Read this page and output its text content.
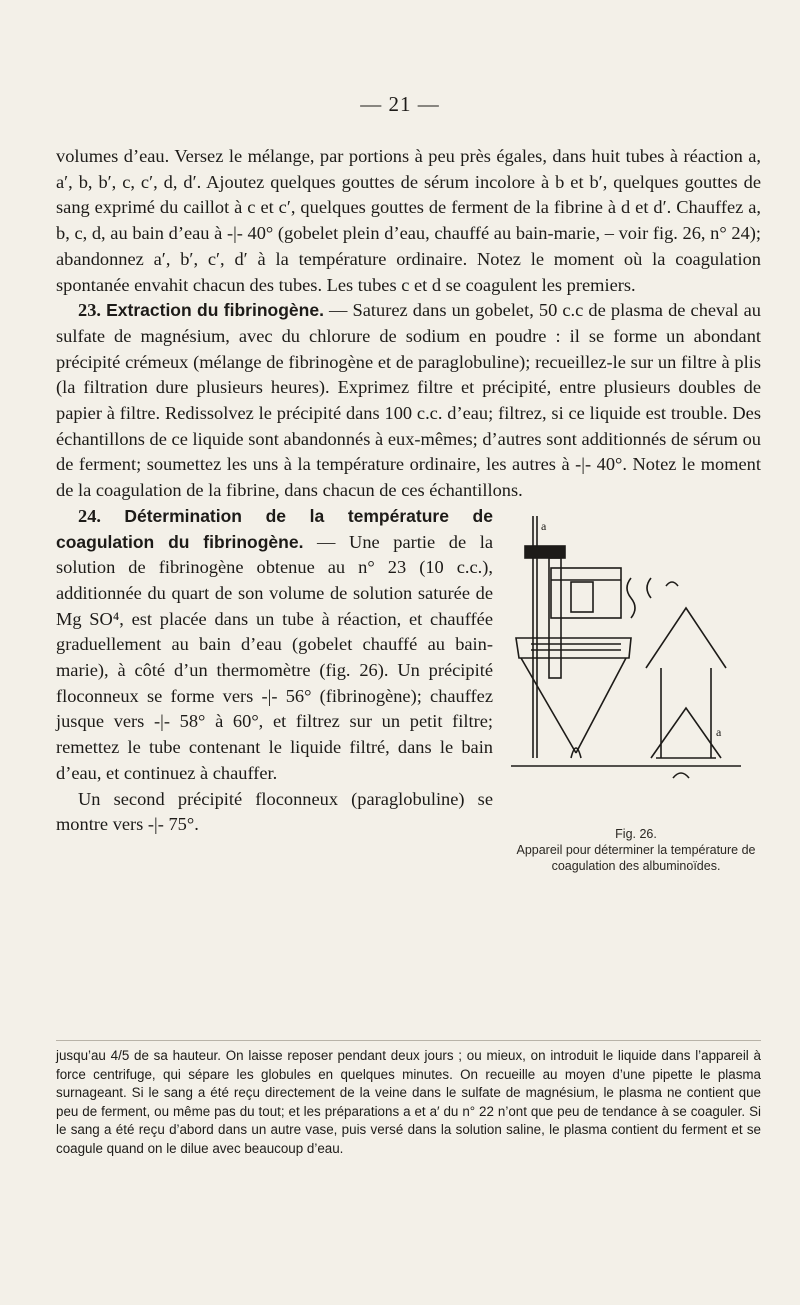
— 21 —

volumes d’eau. Versez le mélange, par portions à peu près égales, dans huit tubes à réaction a, a′, b, b′, c, c′, d, d′. Ajoutez quelques gouttes de sérum incolore à b et b′, quelques gouttes de sang exprimé du caillot à c et c′, quelques gouttes de ferment de la fibrine à d et d′. Chauffez a, b, c, d, au bain d’eau à -|- 40° (gobelet plein d’eau, chauffé au bain-marie, – voir fig. 26, n° 24); abandonnez a′, b′, c′, d′ à la température ordinaire. Notez le moment où la coagulation spontanée envahit chacun des tubes. Les tubes c et d se coagulent les premiers.

23. Extraction du fibrinogène. — Saturez dans un gobelet, 50 c.c de plasma de cheval au sulfate de magnésium, avec du chlorure de sodium en poudre : il se forme un abondant précipité crémeux (mélange de fibrinogène et de paraglobuline); recueillez-le sur un filtre à plis (la filtration dure plusieurs heures). Exprimez filtre et précipité, entre plusieurs doubles de papier à filtre. Redissolvez le précipité dans 100 c.c. d’eau; filtrez, si ce liquide est trouble. Des échantillons de ce liquide sont abandonnés à eux-mêmes; d’autres sont additionnés de sérum ou de ferment; soumettez les uns à la température ordinaire, les autres à -|- 40°. Notez le moment de la coagulation de la fibrine, dans chacun de ces échantillons.

a
a
Fig. 26.
Appareil pour déterminer la température de coagulation des albuminoïdes.

24. Détermination de la température de coagulation du fibrinogène. — Une partie de la solution de fibrinogène obtenue au n° 23 (10 c.c.), additionnée du quart de son volume de solution saturée de Mg SO⁴, est placée dans un tube à réaction, et chauffée graduellement au bain d’eau (gobelet chauffé au bain-marie), à côté d’un thermomètre (fig. 26). Un précipité floconneux se forme vers -|- 56° (fibrinogène); chauffez jusque vers -|- 58° à 60°, et filtrez sur un petit filtre; remettez le tube contenant le liquide filtré, dans le bain d’eau, et continuez à chauffer.

Un second précipité floconneux (paraglobuline) se montre vers -|- 75°.

jusqu’au 4/5 de sa hauteur. On laisse reposer pendant deux jours ; ou mieux, on introduit le liquide dans l’appareil à force centrifuge, qui sépare les globules en quelques minutes. On recueille au moyen d’une pipette le plasma surnageant. Si le sang a été reçu directement de la veine dans le sulfate de magnésium, le plasma ne contient que peu de ferment, ou même pas du tout; et les préparations a et a′ du n° 22 n’ont que peu de tendance à se coaguler. Si le sang a été reçu d’abord dans un autre vase, puis versé dans la solution saline, le plasma contient du ferment et se coagule quand on le dilue avec beaucoup d’eau.
